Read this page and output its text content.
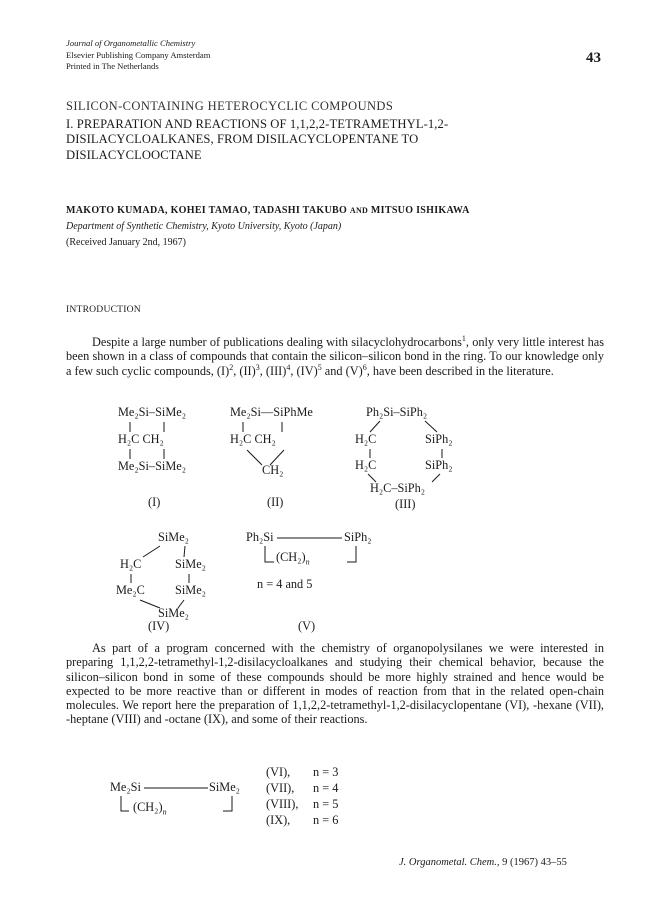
Journal of Organometallic Chemistry
Elsevier Publishing Company Amsterdam
Printed in The Netherlands	43
SILICON-CONTAINING HETEROCYCLIC COMPOUNDS
I. PREPARATION AND REACTIONS OF 1,1,2,2-TETRAMETHYL-1,2-
DISILACYCLOALKANES, FROM DISILACYCLOPENTANE TO
DISILACYCLOOCTANE
MAKOTO KUMADA, KOHEI TAMAO, TADASHI TAKUBO AND MITSUO ISHIKAWA
Department of Synthetic Chemistry, Kyoto University, Kyoto (Japan)
(Received January 2nd, 1967)
INTRODUCTION
Despite a large number of publications dealing with silacyclohydrocarbons$^1$, only very little interest has been shown in a class of compounds that contain the silicon–silicon bond in the ring. To our knowledge only a few such cyclic compounds, $(I)^2$, (II)$^3$, (III)$^4$, (IV)$^5$ and $(V)^6$, have been described in the literature.
Me₂Si–SiMe₂
H₂C CH₂
Me₂Si–SiMe₂
(I)
Me₂Si—SiPhMe
H₂C CH₂
CH₂
(II)
Ph₂Si–SiPh₂
H₂C	SiPh₂
H₂C	SiPh₂
H₂C–SiPh₂
(III)
SiMe₂
H₂C	SiMe₂
Me₂C SiMe₂
SiMe₂
(IV)
Ph₂Si	SiPh₂
$(CH_2)_n$
n = 4 and 5
(V)
As part of a program concerned with the chemistry of organopolysilanes we were interested in preparing 1,1,2,2-tetramethyl-1,2-disilacycloalkanes and studying their chemical behavior, because the silicon–silicon bond in some of these compounds should be more highly strained and hence would be expected to be more reactive than or different in modes of reaction from that in the related open-chain molecules. We report here the preparation of 1,1,2,2-tetramethyl-1,2-disilacyclopentane (VI), -hexane (VII), -heptane (VIII) and -octane (IX), and some of their reactions.
Me₂Si	SiMe₂
$(CH_2)_n$
(VI), n = 3
(VII), n = 4
(VIII), n = 5
(IX), n = 6
J. Organometal. Chem., 9 (1967) 43–55
